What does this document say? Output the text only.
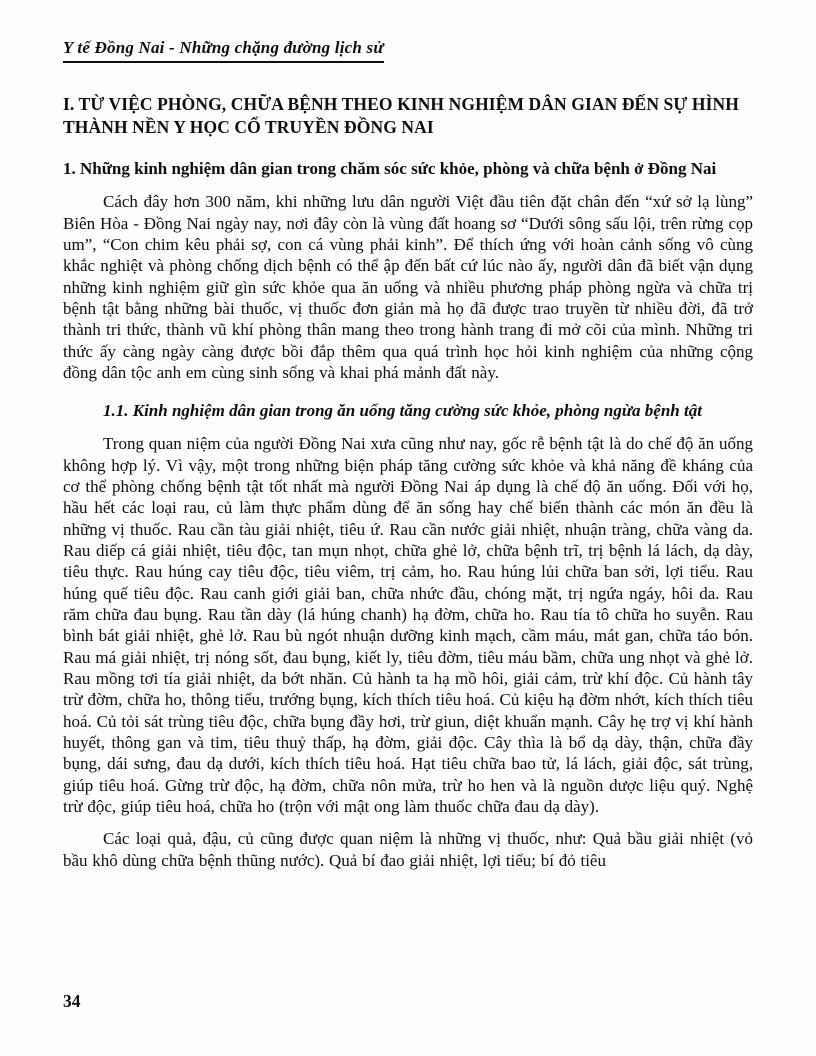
Y tế Đồng Nai - Những chặng đường lịch sử
I. TỪ VIỆC PHÒNG, CHỮA BỆNH THEO KINH NGHIỆM DÂN GIAN ĐẾN SỰ HÌNH THÀNH NỀN Y HỌC CỔ TRUYỀN ĐỒNG NAI
1. Những kinh nghiệm dân gian trong chăm sóc sức khỏe, phòng và chữa bệnh ở Đồng Nai

Cách đây hơn 300 năm, khi những lưu dân người Việt đầu tiên đặt chân đến “xứ sở lạ lùng” Biên Hòa - Đồng Nai ngày nay, nơi đây còn là vùng đất hoang sơ “Dưới sông sấu lội, trên rừng cọp um”, “Con chim kêu phải sợ, con cá vùng phải kinh”. Để thích ứng với hoàn cảnh sống vô cùng khắc nghiệt và phòng chống dịch bệnh có thể ập đến bất cứ lúc nào ấy, người dân đã biết vận dụng những kinh nghiệm giữ gìn sức khỏe qua ăn uống và nhiều phương pháp phòng ngừa và chữa trị bệnh tật bằng những bài thuốc, vị thuốc đơn giản mà họ đã được trao truyền từ nhiều đời, đã trở thành tri thức, thành vũ khí phòng thân mang theo trong hành trang đi mở cõi của mình. Những tri thức ấy càng ngày càng được bồi đắp thêm qua quá trình học hỏi kinh nghiệm của những cộng đồng dân tộc anh em cùng sinh sống và khai phá mảnh đất này.

1.1. Kinh nghiệm dân gian trong ăn uống tăng cường sức khỏe, phòng ngừa bệnh tật

Trong quan niệm của người Đồng Nai xưa cũng như nay, gốc rễ bệnh tật là do chế độ ăn uống không hợp lý. Vì vậy, một trong những biện pháp tăng cường sức khỏe và khả năng đề kháng của cơ thể phòng chống bệnh tật tốt nhất mà người Đồng Nai áp dụng là chế độ ăn uống. Đối với họ, hầu hết các loại rau, củ làm thực phẩm dùng để ăn sống hay chế biến thành các món ăn đều là những vị thuốc. Rau cần tàu giải nhiệt, tiêu ứ. Rau cần nước giải nhiệt, nhuận tràng, chữa vàng da. Rau diếp cá giải nhiệt, tiêu độc, tan mụn nhọt, chữa ghẻ lở, chữa bệnh trĩ, trị bệnh lá lách, dạ dày, tiêu thực. Rau húng cay tiêu độc, tiêu viêm, trị cảm, ho. Rau húng lủi chữa ban sởi, lợi tiểu. Rau húng quế tiêu độc. Rau canh giới giải ban, chữa nhức đầu, chóng mặt, trị ngứa ngáy, hôi da. Rau răm chữa đau bụng. Rau tần dày (lá húng chanh) hạ đờm, chữa ho. Rau tía tô chữa ho suyễn. Rau bình bát giải nhiệt, ghẻ lở. Rau bù ngót nhuận dưỡng kinh mạch, cầm máu, mát gan, chữa táo bón. Rau má giải nhiệt, trị nóng sốt, đau bụng, kiết ly, tiêu đờm, tiêu máu bầm, chữa ung nhọt và ghẻ lở. Rau mồng tơi tía giải nhiệt, da bớt nhăn. Củ hành ta hạ mồ hôi, giải cảm, trừ khí độc. Củ hành tây trừ đờm, chữa ho, thông tiểu, trướng bụng, kích thích tiêu hoá. Củ kiệu hạ đờm nhớt, kích thích tiêu hoá. Củ tỏi sát trùng tiêu độc, chữa bụng đầy hơi, trừ giun, diệt khuẩn mạnh. Cây hẹ trợ vị khí hành huyết, thông gan và tim, tiêu thuỷ thấp, hạ đờm, giải độc. Cây thìa là bổ dạ dày, thận, chữa đầy bụng, dái sưng, đau dạ dưới, kích thích tiêu hoá. Hạt tiêu chữa bao tử, lá lách, giải độc, sát trùng, giúp tiêu hoá. Gừng trừ độc, hạ đờm, chữa nôn mửa, trừ ho hen và là nguồn dược liệu quý. Nghệ trừ độc, giúp tiêu hoá, chữa ho (trộn với mật ong làm thuốc chữa đau dạ dày).

Các loại quả, đậu, củ cũng được quan niệm là những vị thuốc, như: Quả bầu giải nhiệt (vỏ bầu khô dùng chữa bệnh thũng nước). Quả bí đao giải nhiệt, lợi tiểu; bí đỏ tiêu

34
